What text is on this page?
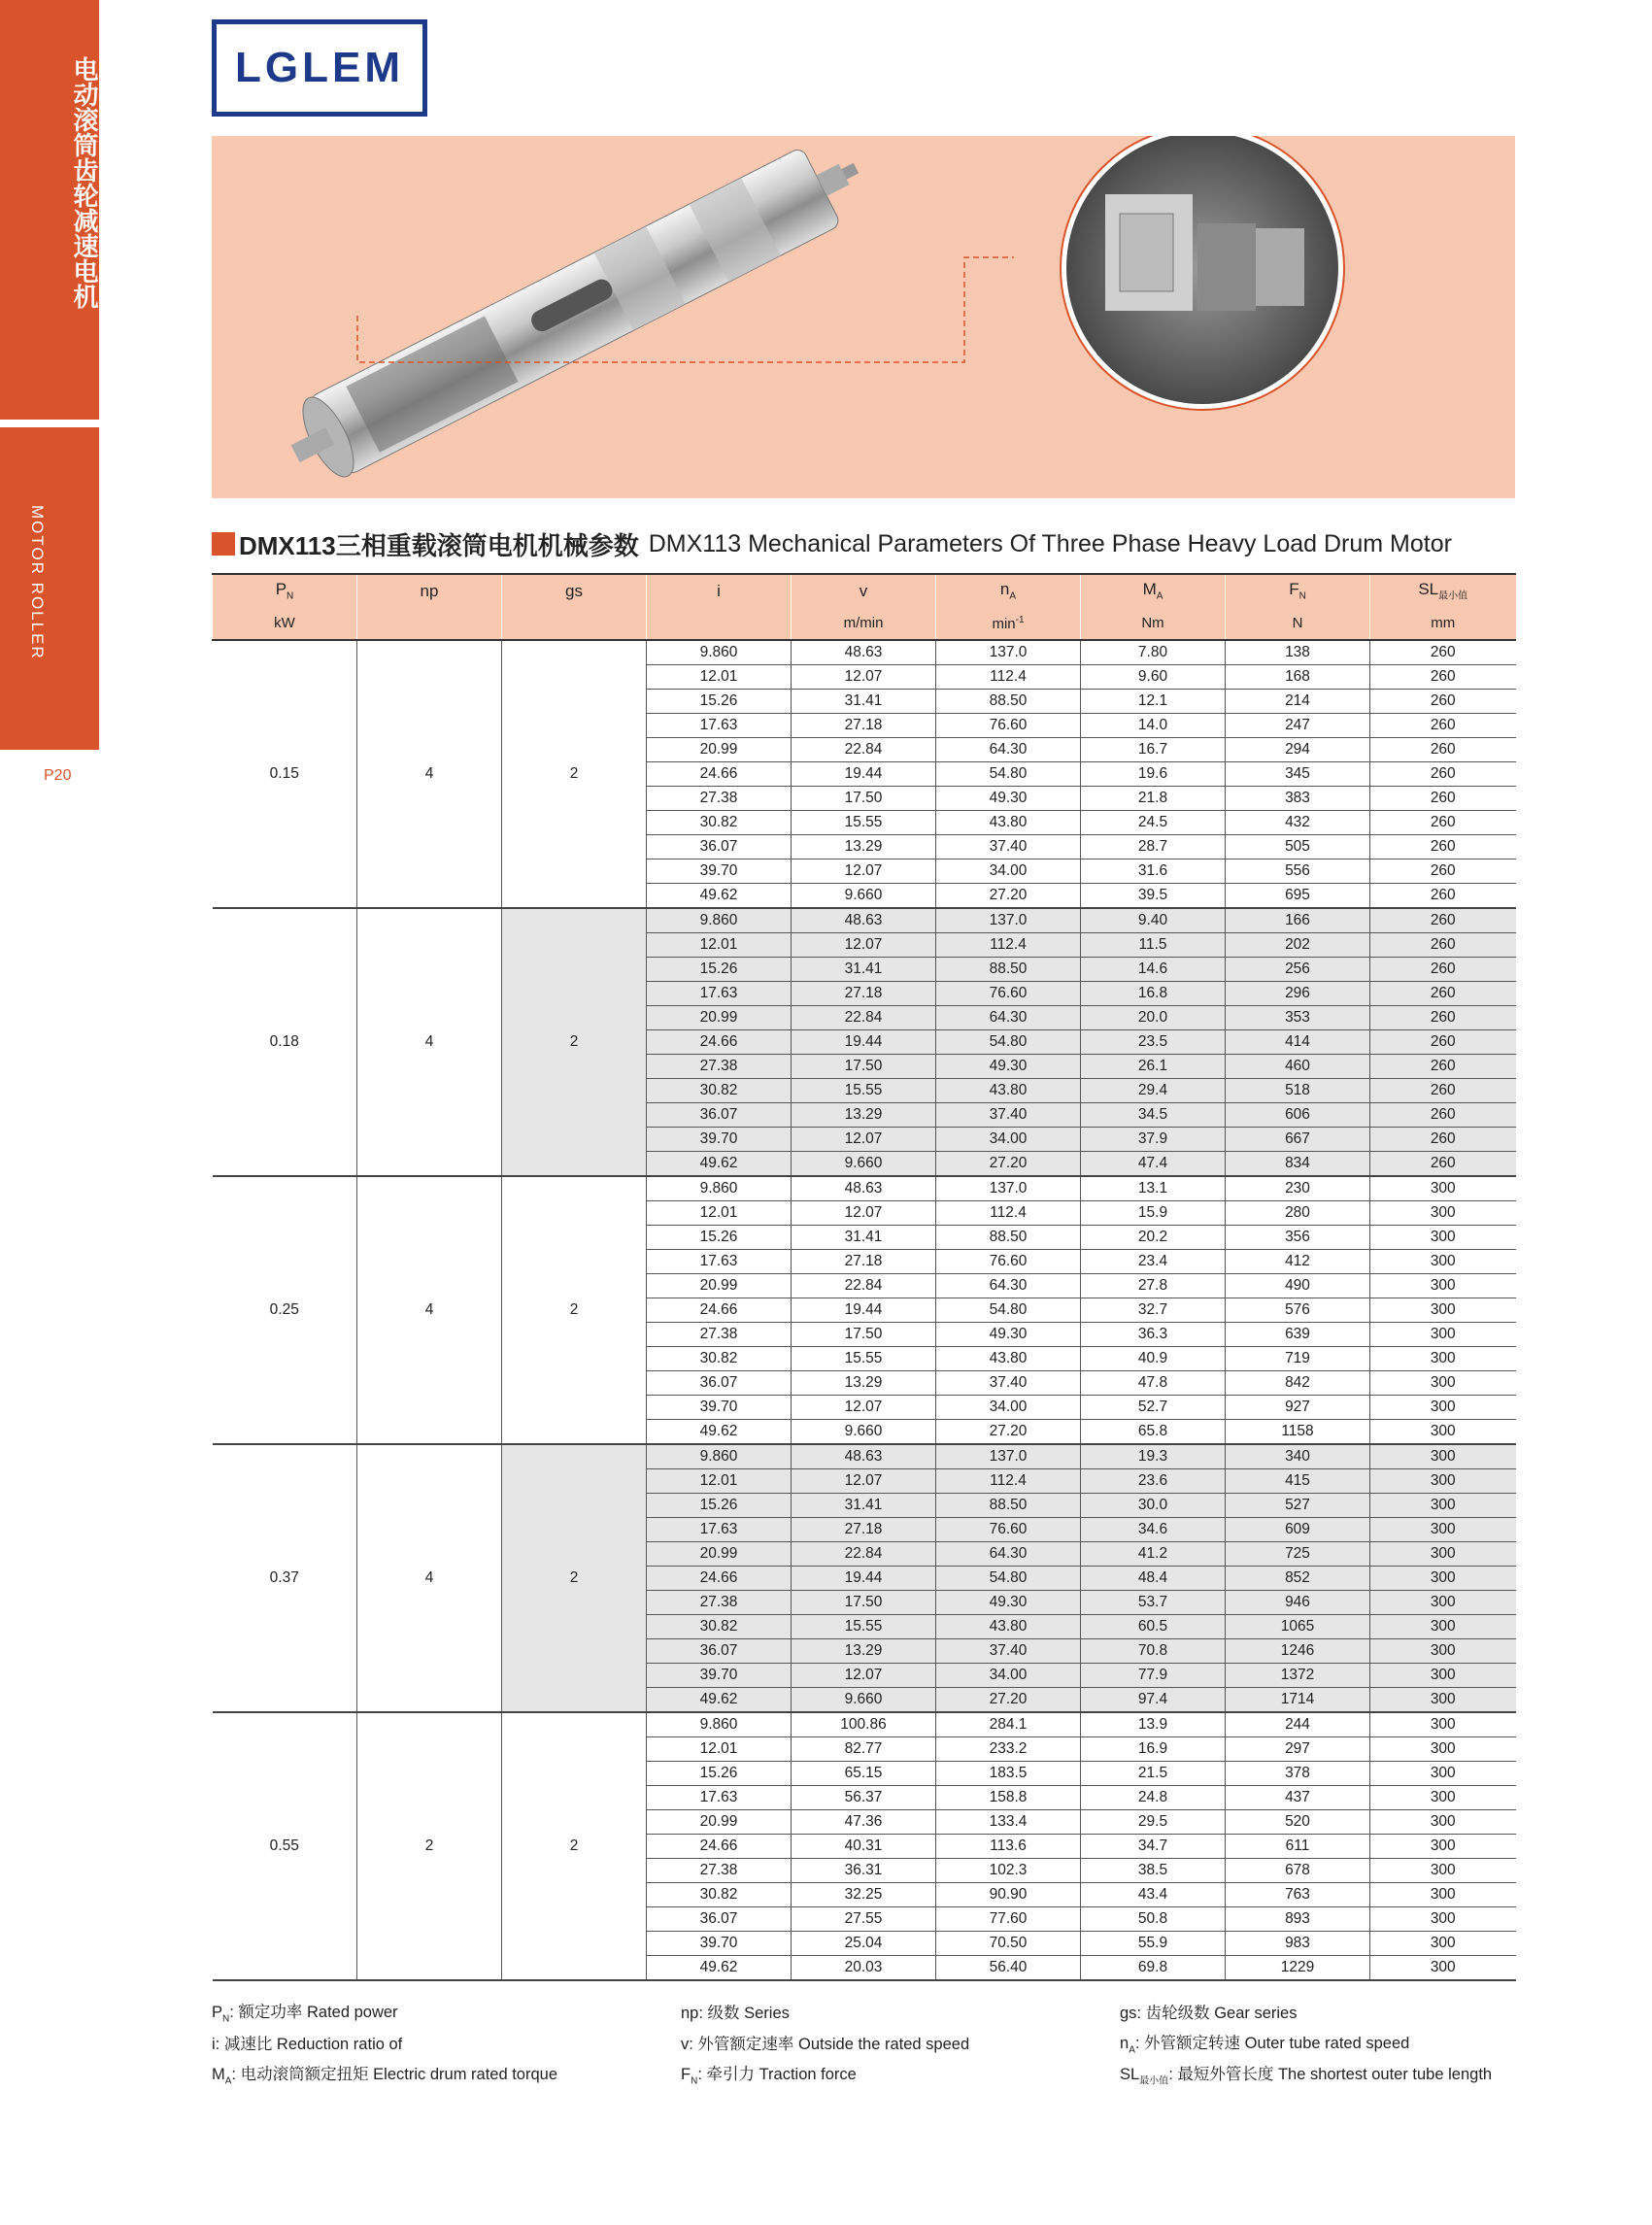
电动滚筒齿轮减速电机
MOTOR ROLLER
P20
LGLEM
DMX113三相重载滚筒电机机械参数 DMX113 Mechanical Parameters Of Three Phase Heavy Load Drum Motor
$P_N$	np	gs	i	v	$n_A$	$M_A$	$F_N$	$SL_{最小值}$
kW				m/min	$\min^{-1}$	Nm	N	mm
0.15	4	2	9.860	48.63	137.0	7.80	138	260
			12.01	12.07	112.4	9.60	168	260
			15.26	31.41	88.50	12.1	214	260
			17.63	27.18	76.60	14.0	247	260
			20.99	22.84	64.30	16.7	294	260
			24.66	19.44	54.80	19.6	345	260
			27.38	17.50	49.30	21.8	383	260
			30.82	15.55	43.80	24.5	432	260
			36.07	13.29	37.40	28.7	505	260
			39.70	12.07	34.00	31.6	556	260
			49.62	9.660	27.20	39.5	695	260
0.18	4	2	9.860	48.63	137.0	9.40	166	260
			12.01	12.07	112.4	11.5	202	260
			15.26	31.41	88.50	14.6	256	260
			17.63	27.18	76.60	16.8	296	260
			20.99	22.84	64.30	20.0	353	260
			24.66	19.44	54.80	23.5	414	260
			27.38	17.50	49.30	26.1	460	260
			30.82	15.55	43.80	29.4	518	260
			36.07	13.29	37.40	34.5	606	260
			39.70	12.07	34.00	37.9	667	260
			49.62	9.660	27.20	47.4	834	260
0.25	4	2	9.860	48.63	137.0	13.1	230	300
			12.01	12.07	112.4	15.9	280	300
			15.26	31.41	88.50	20.2	356	300
			17.63	27.18	76.60	23.4	412	300
			20.99	22.84	64.30	27.8	490	300
			24.66	19.44	54.80	32.7	576	300
			27.38	17.50	49.30	36.3	639	300
			30.82	15.55	43.80	40.9	719	300
			36.07	13.29	37.40	47.8	842	300
			39.70	12.07	34.00	52.7	927	300
			49.62	9.660	27.20	65.8	1158	300
0.37	4	2	9.860	48.63	137.0	19.3	340	300
			12.01	12.07	112.4	23.6	415	300
			15.26	31.41	88.50	30.0	527	300
			17.63	27.18	76.60	34.6	609	300
			20.99	22.84	64.30	41.2	725	300
			24.66	19.44	54.80	48.4	852	300
			27.38	17.50	49.30	53.7	946	300
			30.82	15.55	43.80	60.5	1065	300
			36.07	13.29	37.40	70.8	1246	300
			39.70	12.07	34.00	77.9	1372	300
			49.62	9.660	27.20	97.4	1714	300
0.55	2	2	9.860	100.86	284.1	13.9	244	300
			12.01	82.77	233.2	16.9	297	300
			15.26	65.15	183.5	21.5	378	300
			17.63	56.37	158.8	24.8	437	300
			20.99	47.36	133.4	29.5	520	300
			24.66	40.31	113.6	34.7	611	300
			27.38	36.31	102.3	38.5	678	300
			30.82	32.25	90.90	43.4	763	300
			36.07	27.55	77.60	50.8	893	300
			39.70	25.04	70.50	55.9	983	300
			49.62	20.03	56.40	69.8	1229	300
$P_N$: 额定功率 Rated power	np: 级数 Series	gs: 齿轮级数 Gear series
i: 减速比 Reduction ratio of	v: 外管额定速率 Outside the rated speed	$n_A$: 外管额定转速 Outer tube rated speed
$M_A$: 电动滚筒额定扭矩 Electric drum rated torque	$F_N$: 牵引力 Traction force	$SL_{最小值}$: 最短外管长度 The shortest outer tube length
